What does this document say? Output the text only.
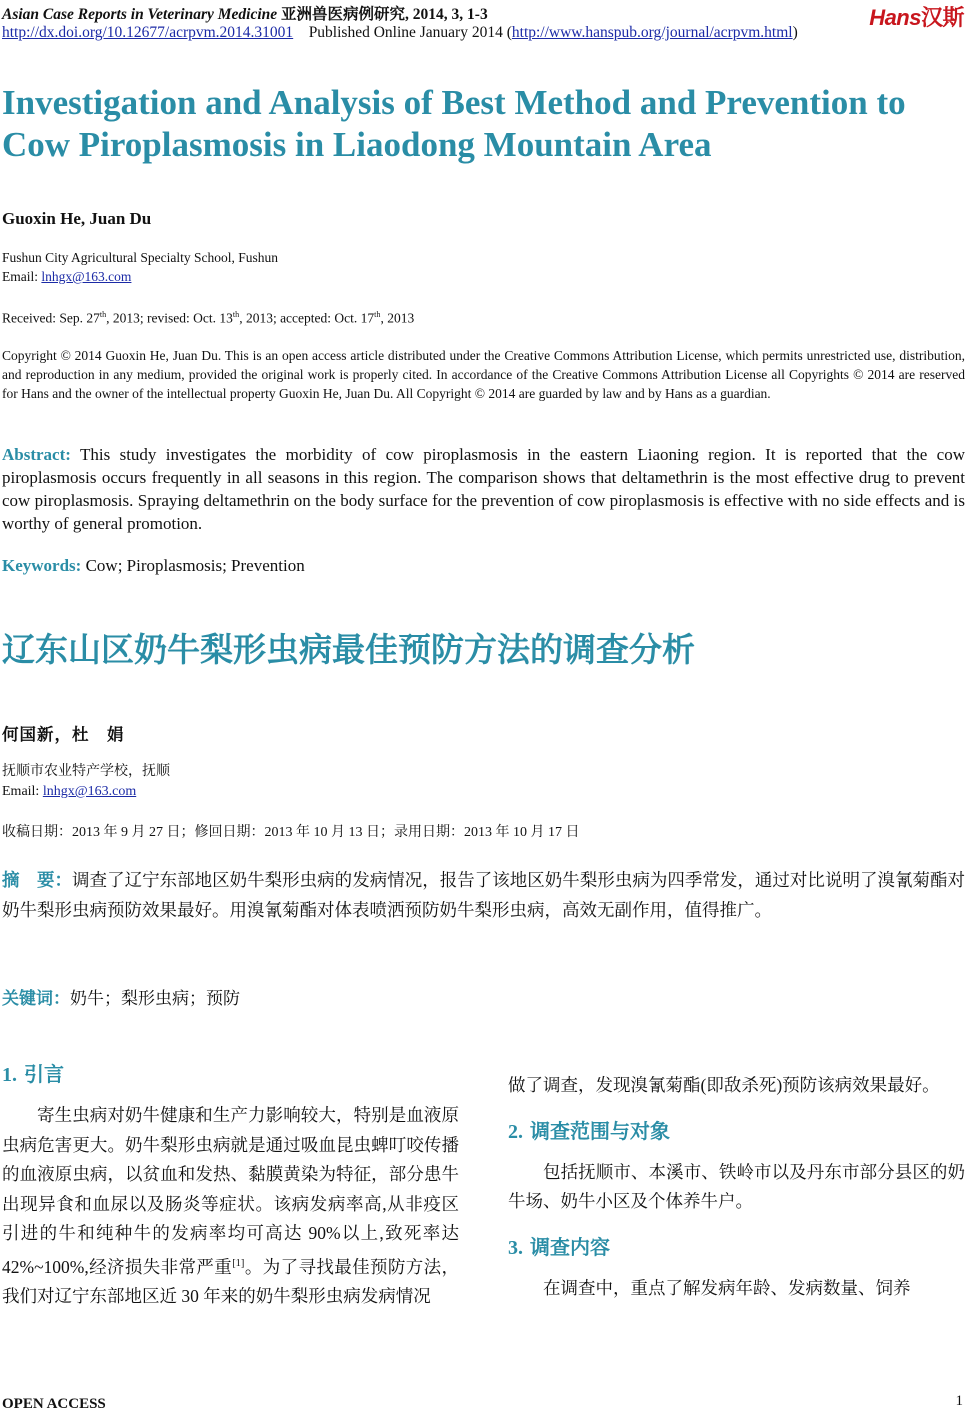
Asian Case Reports in Veterinary Medicine 亚洲兽医病例研究, 2014, 3, 1-3
http://dx.doi.org/10.12677/acrpvm.2014.31001 Published Online January 2014 (http://www.hanspub.org/journal/acrpvm.html)
Hans汉斯
Investigation and Analysis of Best Method and Prevention to Cow Piroplasmosis in Liaodong Mountain Area
Guoxin He, Juan Du
Fushun City Agricultural Specialty School, Fushun
Email: lnhgx@163.com
Received: Sep. 27th, 2013; revised: Oct. 13th, 2013; accepted: Oct. 17th, 2013
Copyright © 2014 Guoxin He, Juan Du. This is an open access article distributed under the Creative Commons Attribution License, which permits unrestricted use, distribution, and reproduction in any medium, provided the original work is properly cited. In accordance of the Creative Commons Attribution License all Copyrights © 2014 are reserved for Hans and the owner of the intellectual property Guoxin He, Juan Du. All Copyright © 2014 are guarded by law and by Hans as a guardian.
Abstract: This study investigates the morbidity of cow piroplasmosis in the eastern Liaoning region. It is reported that the cow piroplasmosis occurs frequently in all seasons in this region. The comparison shows that deltamethrin is the most effective drug to prevent cow piroplasmosis. Spraying deltamethrin on the body surface for the prevention of cow piroplasmosis is effective with no side effects and is worthy of general promotion.
Keywords: Cow; Piroplasmosis; Prevention
辽东山区奶牛梨形虫病最佳预防方法的调查分析
何国新，杜　娟
抚顺市农业特产学校，抚顺
Email: lnhgx@163.com
收稿日期：2013 年 9 月 27 日；修回日期：2013 年 10 月 13 日；录用日期：2013 年 10 月 17 日
摘　要：调查了辽宁东部地区奶牛梨形虫病的发病情况，报告了该地区奶牛梨形虫病为四季常发，通过对比说明了溴氰菊酯对奶牛梨形虫病预防效果最好。用溴氰菊酯对体表喷洒预防奶牛梨形虫病，高效无副作用，值得推广。
关键词：奶牛；梨形虫病；预防
1. 引言

寄生虫病对奶牛健康和生产力影响较大，特别是血液原虫病危害更大。奶牛梨形虫病就是通过吸血昆虫蜱叮咬传播的血液原虫病，以贫血和发热、黏膜黄染为特征，部分患牛出现异食和血尿以及肠炎等症状。该病发病率高,从非疫区引进的牛和纯种牛的发病率均可高达 90%以上,致死率达 42%~100%,经济损失非常严重[1]。为了寻找最佳预防方法，我们对辽宁东部地区近 30 年来的奶牛梨形虫病发病情况

做了调查，发现溴氰菊酯(即敌杀死)预防该病效果最好。

2. 调查范围与对象

包括抚顺市、本溪市、铁岭市以及丹东市部分县区的奶牛场、奶牛小区及个体养牛户。

3. 调查内容

在调查中，重点了解发病年龄、发病数量、饲养

OPEN ACCESS	1
